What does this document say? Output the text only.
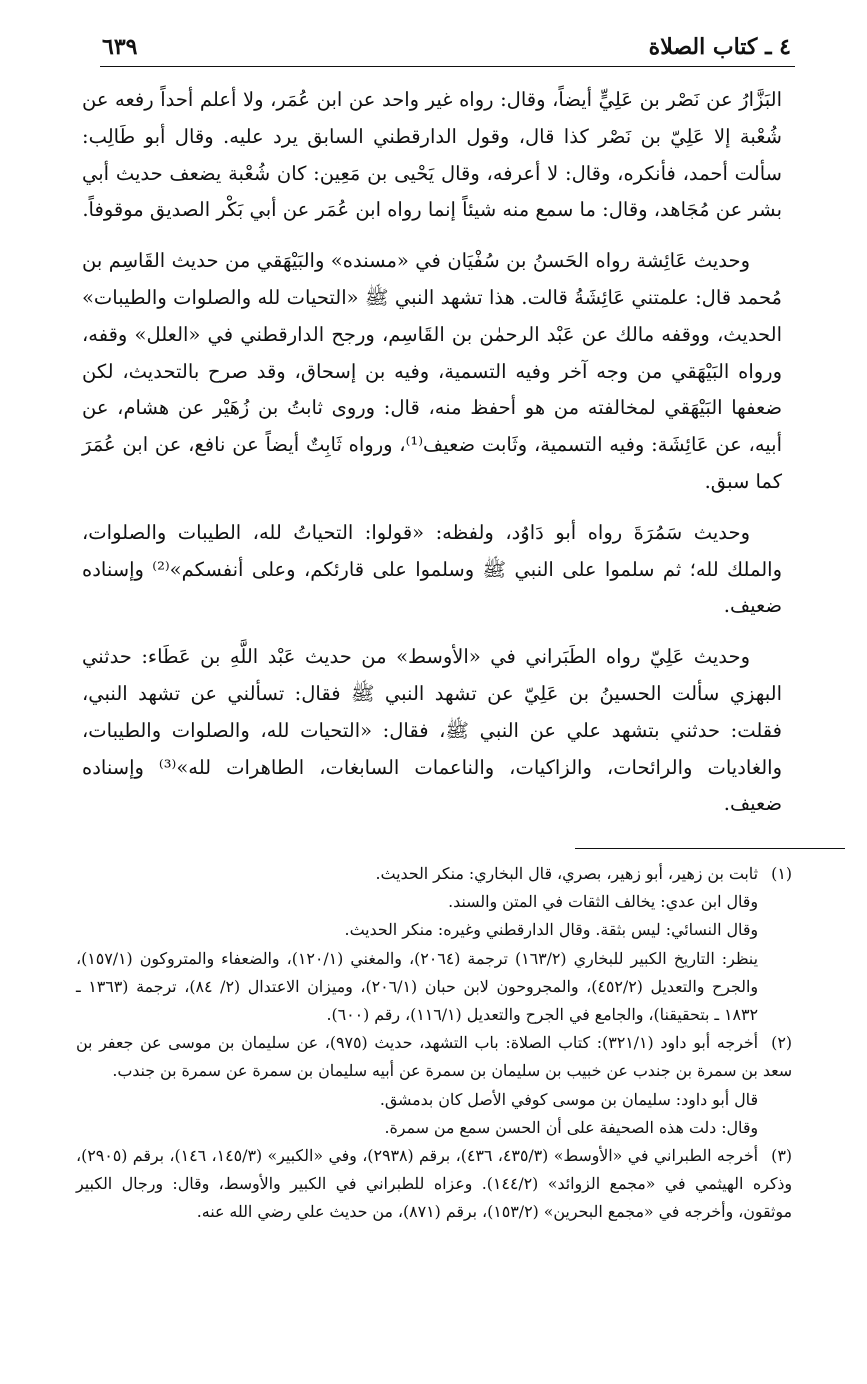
٤ ـ كتاب الصلاة
٦٣٩

البَزَّارُ عن نَصْر بن عَلِيٍّ أيضاً، وقال: رواه غير واحد عن ابن عُمَر، ولا أعلم أحداً رفعه عن شُعْبة إلا عَلِيّ بن نَصْر كذا قال، وقول الدارقطني السابق يرد عليه. وقال أبو طَالِب: سألت أحمد، فأنكره، وقال: لا أعرفه، وقال يَحْيى بن مَعِين: كان شُعْبة يضعف حديث أبي بشر عن مُجَاهد، وقال: ما سمع منه شيئاً إنما رواه ابن عُمَر عن أبي بَكْر الصديق موقوفاً.

وحديث عَائِشة رواه الحَسنُ بن سُفْيَان في «مسنده» والبَيْهَقي من حديث القَاسِم بن مُحمد قال: علمتني عَائِشَةُ قالت. هذا تشهد النبي ﷺ «التحيات لله والصلوات والطيبات» الحديث، ووقفه مالك عن عَبْد الرحمٰن بن القَاسِم، ورجح الدارقطني في «العلل» وقفه، ورواه البَيْهَقي من وجه آخر وفيه التسمية، وفيه بن إسحاق، وقد صرح بالتحديث، لكن ضعفها البَيْهَقي لمخالفته من هو أحفظ منه، قال: وروى ثابتُ بن زُهَيْر عن هشام، عن أبيه، عن عَائِشَة: وفيه التسمية، وثَابت ضعيف⁽¹⁾، ورواه ثَابِتٌ أيضاً عن نافع، عن ابن عُمَرَ كما سبق.

وحديث سَمُرَةَ رواه أبو دَاوُد، ولفظه: «قولوا: التحياتُ لله، الطيبات والصلوات، والملك لله؛ ثم سلموا على النبي ﷺ وسلموا على قارئكم، وعلى أنفسكم»⁽²⁾ وإسناده ضعيف.

وحديث عَلِيّ رواه الطَبَراني في «الأوسط» من حديث عَبْد اللَّهِ بن عَطَاء: حدثني البهزي سألت الحسينُ بن عَلِيّ عن تشهد النبي ﷺ فقال: تسألني عن تشهد النبي، فقلت: حدثني بتشهد علي عن النبي ﷺ، فقال: «التحيات لله، والصلوات والطيبات، والغاديات والرائحات، والزاكيات، والناعمات السابغات، الطاهرات لله»⁽³⁾ وإسناده ضعيف.

(١)ثابت بن زهير، أبو زهير، بصري، قال البخاري: منكر الحديث.
وقال ابن عدي: يخالف الثقات في المتن والسند.
وقال النسائي: ليس بثقة. وقال الدارقطني وغيره: منكر الحديث.
ينظر: التاريخ الكبير للبخاري (١٦٣/٢) ترجمة (٢٠٦٤)، والمغني (١٢٠/١)، والضعفاء والمتروكون (١٥٧/١)، والجرح والتعديل (٤٥٢/٢)، والمجروحون لابن حبان (٢٠٦/١)، وميزان الاعتدال (٢/ ٨٤)، ترجمة (١٣٦٣ ـ ١٨٣٢ ـ بتحقيقنا)، والجامع في الجرح والتعديل (١١٦/١)، رقم (٦٠٠).
(٢)أخرجه أبو داود (٣٢١/١): كتاب الصلاة: باب التشهد، حديث (٩٧٥)، عن سليمان بن موسى عن جعفر بن سعد بن سمرة بن جندب عن خبيب بن سليمان بن سمرة عن أبيه سليمان بن سمرة عن سمرة بن جندب.
قال أبو داود: سليمان بن موسى كوفي الأصل كان بدمشق.
وقال: دلت هذه الصحيفة على أن الحسن سمع من سمرة.
(٣)أخرجه الطبراني في «الأوسط» (٤٣٥/٣، ٤٣٦)، برقم (٢٩٣٨)، وفي «الكبير» (١٤٥/٣، ١٤٦)، برقم (٢٩٠٥)، وذكره الهيثمي في «مجمع الزوائد» (١٤٤/٢). وعزاه للطبراني في الكبير والأوسط، وقال: ورجال الكبير موثقون، وأخرجه في «مجمع البحرين» (١٥٣/٢)، برقم (٨٧١)، من حديث علي رضي الله عنه.
